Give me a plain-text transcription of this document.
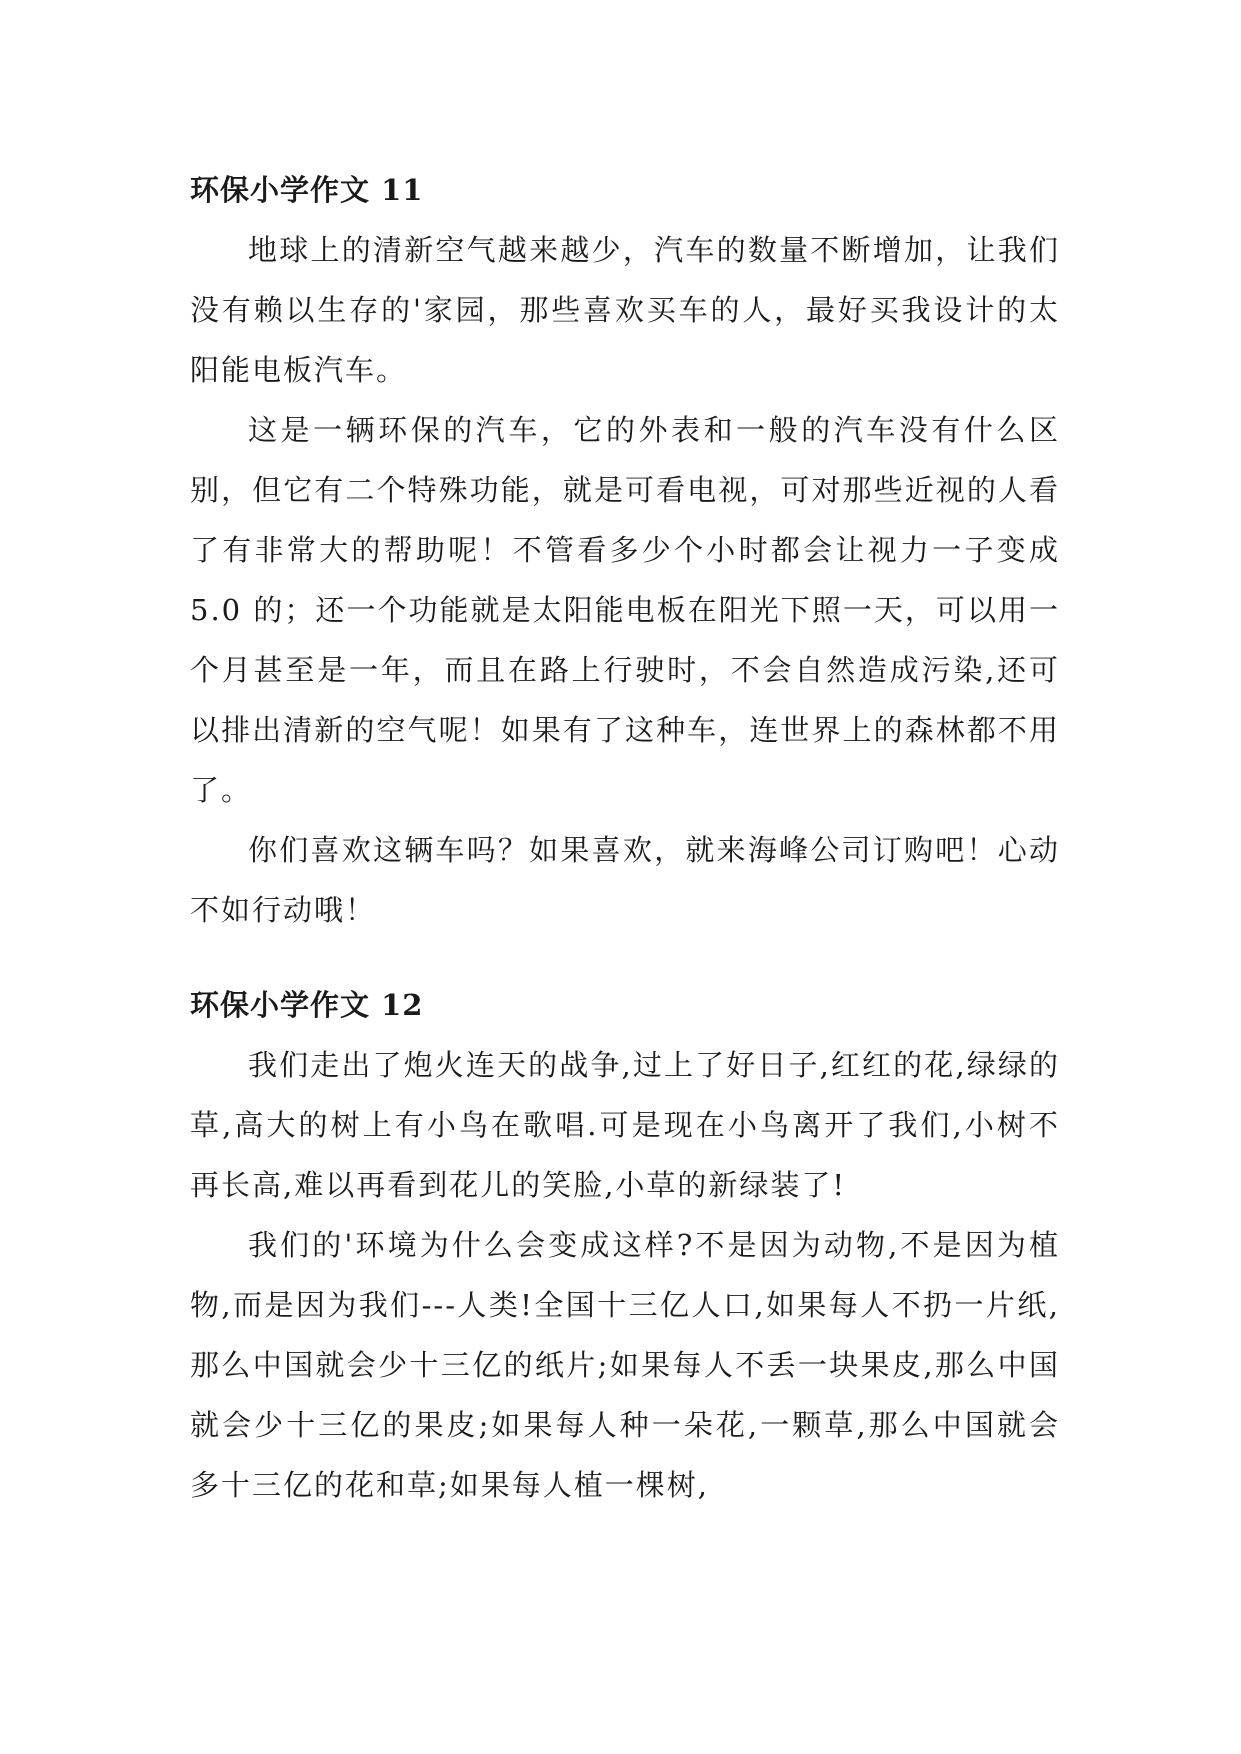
环保小学作文 11

地球上的清新空气越来越少，汽车的数量不断增加，让我们没有赖以生存的'家园，那些喜欢买车的人，最好买我设计的太阳能电板汽车。

这是一辆环保的汽车，它的外表和一般的汽车没有什么区别，但它有二个特殊功能，就是可看电视，可对那些近视的人看了有非常大的帮助呢！不管看多少个小时都会让视力一子变成 5.0 的；还一个功能就是太阳能电板在阳光下照一天，可以用一个月甚至是一年，而且在路上行驶时，不会自然造成污染,还可以排出清新的空气呢！如果有了这种车，连世界上的森林都不用了。

你们喜欢这辆车吗？如果喜欢，就来海峰公司订购吧！心动不如行动哦！

环保小学作文 12

我们走出了炮火连天的战争,过上了好日子,红红的花,绿绿的草,高大的树上有小鸟在歌唱.可是现在小鸟离开了我们,小树不再长高,难以再看到花儿的笑脸,小草的新绿装了!

我们的'环境为什么会变成这样?不是因为动物,不是因为植物,而是因为我们---人类!全国十三亿人口,如果每人不扔一片纸,那么中国就会少十三亿的纸片;如果每人不丢一块果皮,那么中国就会少十三亿的果皮;如果每人种一朵花,一颗草,那么中国就会多十三亿的花和草;如果每人植一棵树,
